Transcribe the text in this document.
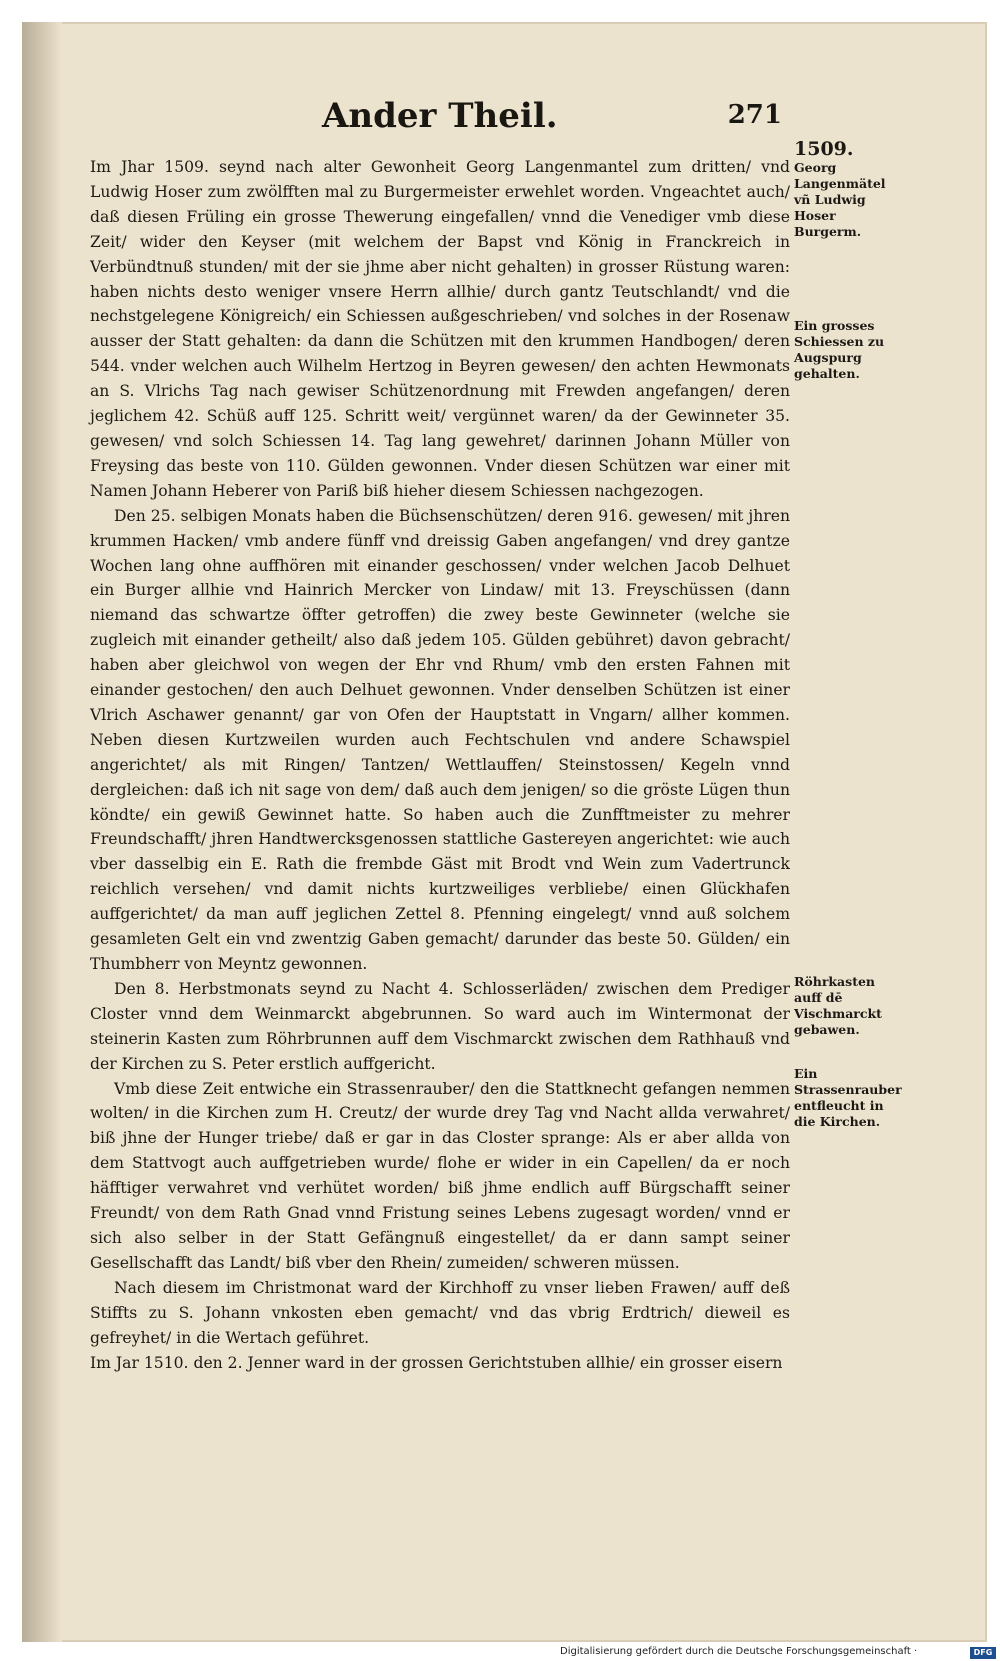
Ander Theil.	271

Im Jhar 1509. seynd nach alter Gewonheit Georg Langenmantel zum dritten/ vnd Ludwig Hoser zum zwölfften mal zu Burgermeister erwehlet worden. Vngeachtet auch/ daß diesen Früling ein grosse Thewerung eingefallen/ vnnd die Venediger vmb diese Zeit/ wider den Keyser (mit welchem der Bapst vnd König in Franckreich in Verbündtnuß stunden/ mit der sie jhme aber nicht gehalten) in grosser Rüstung waren: haben nichts desto weniger vnsere Herrn allhie/ durch gantz Teutschlandt/ vnd die nechstgelegene Königreich/ ein Schiessen außgeschrieben/ vnd solches in der Rosenaw ausser der Statt gehalten: da dann die Schützen mit den krummen Handbogen/ deren 544. vnder welchen auch Wilhelm Hertzog in Beyren gewesen/ den achten Hewmonats an S. Vlrichs Tag nach gewiser Schützenordnung mit Frewden angefangen/ deren jeglichem 42. Schüß auff 125. Schritt weit/ vergünnet waren/ da der Gewinneter 35. gewesen/ vnd solch Schiessen 14. Tag lang gewehret/ darinnen Johann Müller von Freysing das beste von 110. Gülden gewonnen. Vnder diesen Schützen war einer mit Namen Johann Heberer von Pariß biß hieher diesem Schiessen nachgezogen.

Den 25. selbigen Monats haben die Büchsenschützen/ deren 916. gewesen/ mit jhren krummen Hacken/ vmb andere fünff vnd dreissig Gaben angefangen/ vnd drey gantze Wochen lang ohne auffhören mit einander geschossen/ vnder welchen Jacob Delhuet ein Burger allhie vnd Hainrich Mercker von Lindaw/ mit 13. Freyschüssen (dann niemand das schwartze öffter getroffen) die zwey beste Gewinneter (welche sie zugleich mit einander getheilt/ also daß jedem 105. Gülden gebühret) davon gebracht/ haben aber gleichwol von wegen der Ehr vnd Rhum/ vmb den ersten Fahnen mit einander gestochen/ den auch Delhuet gewonnen. Vnder denselben Schützen ist einer Vlrich Aschawer genannt/ gar von Ofen der Hauptstatt in Vngarn/ allher kommen. Neben diesen Kurtzweilen wurden auch Fechtschulen vnd andere Schawspiel angerichtet/ als mit Ringen/ Tantzen/ Wettlauffen/ Steinstossen/ Kegeln vnnd dergleichen: daß ich nit sage von dem/ daß auch dem jenigen/ so die gröste Lügen thun köndte/ ein gewiß Gewinnet hatte. So haben auch die Zunfftmeister zu mehrer Freundschafft/ jhren Handtwercksgenossen stattliche Gastereyen angerichtet: wie auch vber dasselbig ein E. Rath die frembde Gäst mit Brodt vnd Wein zum Vadertrunck reichlich versehen/ vnd damit nichts kurtzweiliges verbliebe/ einen Glückhafen auffgerichtet/ da man auff jeglichen Zettel 8. Pfenning eingelegt/ vnnd auß solchem gesamleten Gelt ein vnd zwentzig Gaben gemacht/ darunder das beste 50. Gülden/ ein Thumbherr von Meyntz gewonnen.

Den 8. Herbstmonats seynd zu Nacht 4. Schlosserläden/ zwischen dem Prediger Closter vnnd dem Weinmarckt abgebrunnen. So ward auch im Wintermonat der steinerin Kasten zum Röhrbrunnen auff dem Vischmarckt zwischen dem Rathhauß vnd der Kirchen zu S. Peter erstlich auffgericht.

Vmb diese Zeit entwiche ein Strassenrauber/ den die Stattknecht gefangen nemmen wolten/ in die Kirchen zum H. Creutz/ der wurde drey Tag vnd Nacht allda verwahret/ biß jhne der Hunger triebe/ daß er gar in das Closter sprange: Als er aber allda von dem Stattvogt auch auffgetrieben wurde/ flohe er wider in ein Capellen/ da er noch häfftiger verwahret vnd verhütet worden/ biß jhme endlich auff Bürgschafft seiner Freundt/ von dem Rath Gnad vnnd Fristung seines Lebens zugesagt worden/ vnnd er sich also selber in der Statt Gefängnuß eingestellet/ da er dann sampt seiner Gesellschafft das Landt/ biß vber den Rhein/ zumeiden/ schweren müssen.

Nach diesem im Christmonat ward der Kirchhoff zu vnser lieben Frawen/ auff deß Stiffts zu S. Johann vnkosten eben gemacht/ vnd das vbrig Erdtrich/ dieweil es gefreyhet/ in die Wertach geführet.

Im Jar 1510. den 2. Jenner ward in der grossen Gerichtstuben allhie/ ein grosser eisern

1509.
Georg Langenmätel vñ Ludwig Hoser Burgerm.
Ein grosses Schiessen zu Augspurg gehalten.
Röhrkasten auff dē Vischmarckt gebawen.
Ein Strassenrauber entfleucht in die Kirchen.
Digitalisierung gefördert durch die Deutsche Forschungsgemeinschaft ·	DFG
